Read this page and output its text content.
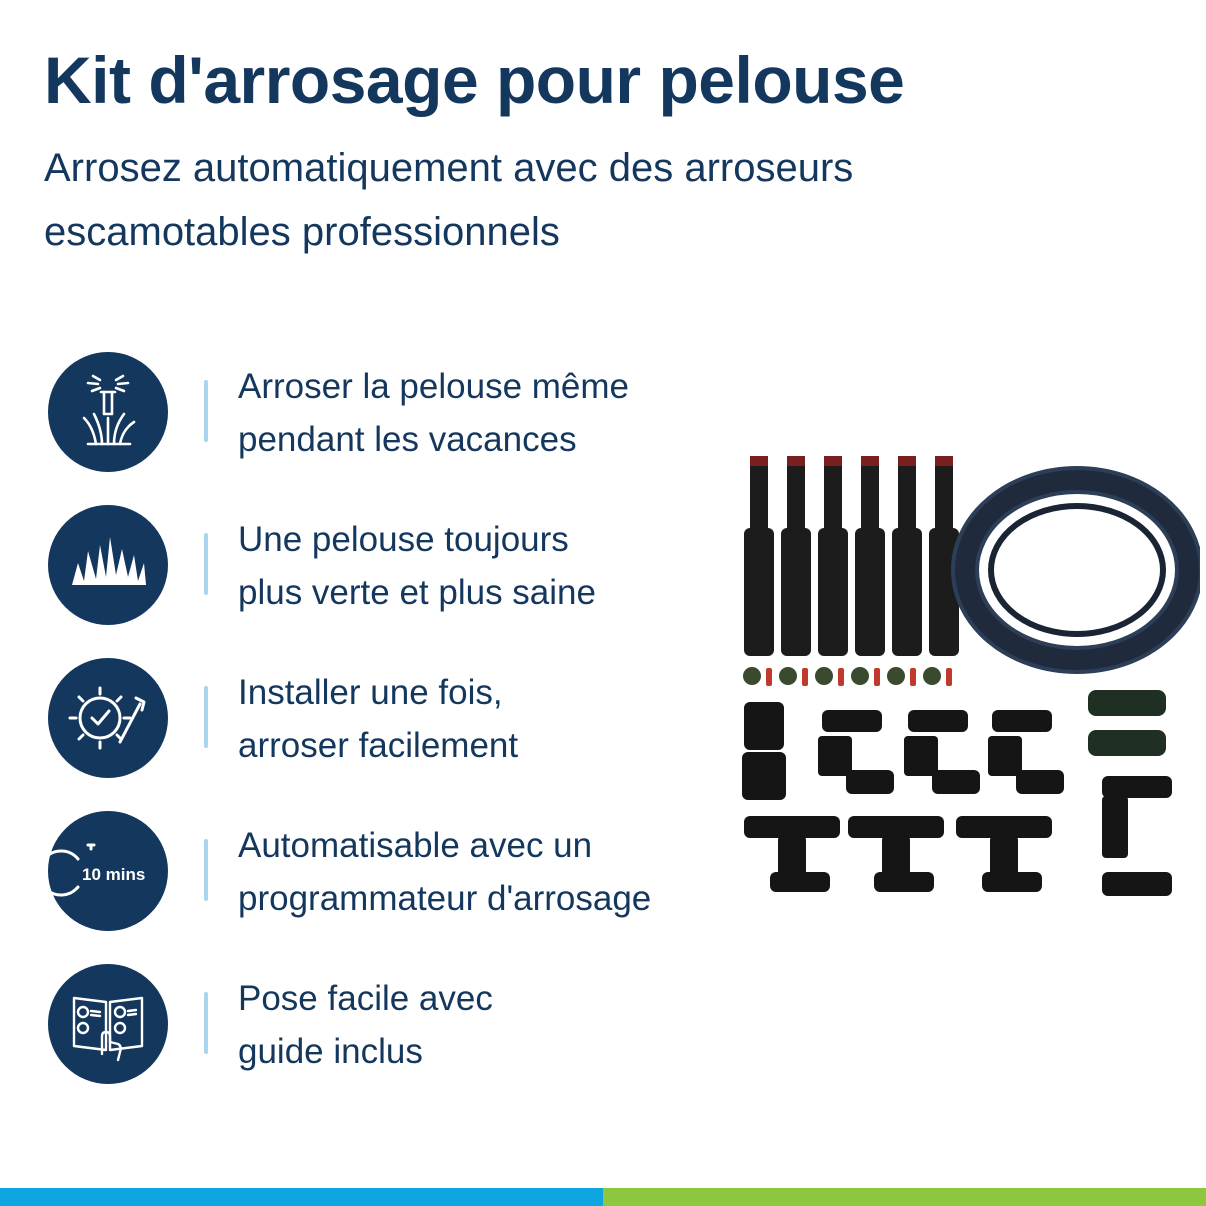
Kit d'arrosage pour pelouse
Arrosez automatiquement avec des arroseurs escamotables professionnels
Arroser la pelouse même
pendant les vacances
Une pelouse toujours
plus verte et plus saine
Installer une fois,
arroser facilement
10 mins
Automatisable avec un
programmateur d'arrosage
Pose facile avec
guide inclus
